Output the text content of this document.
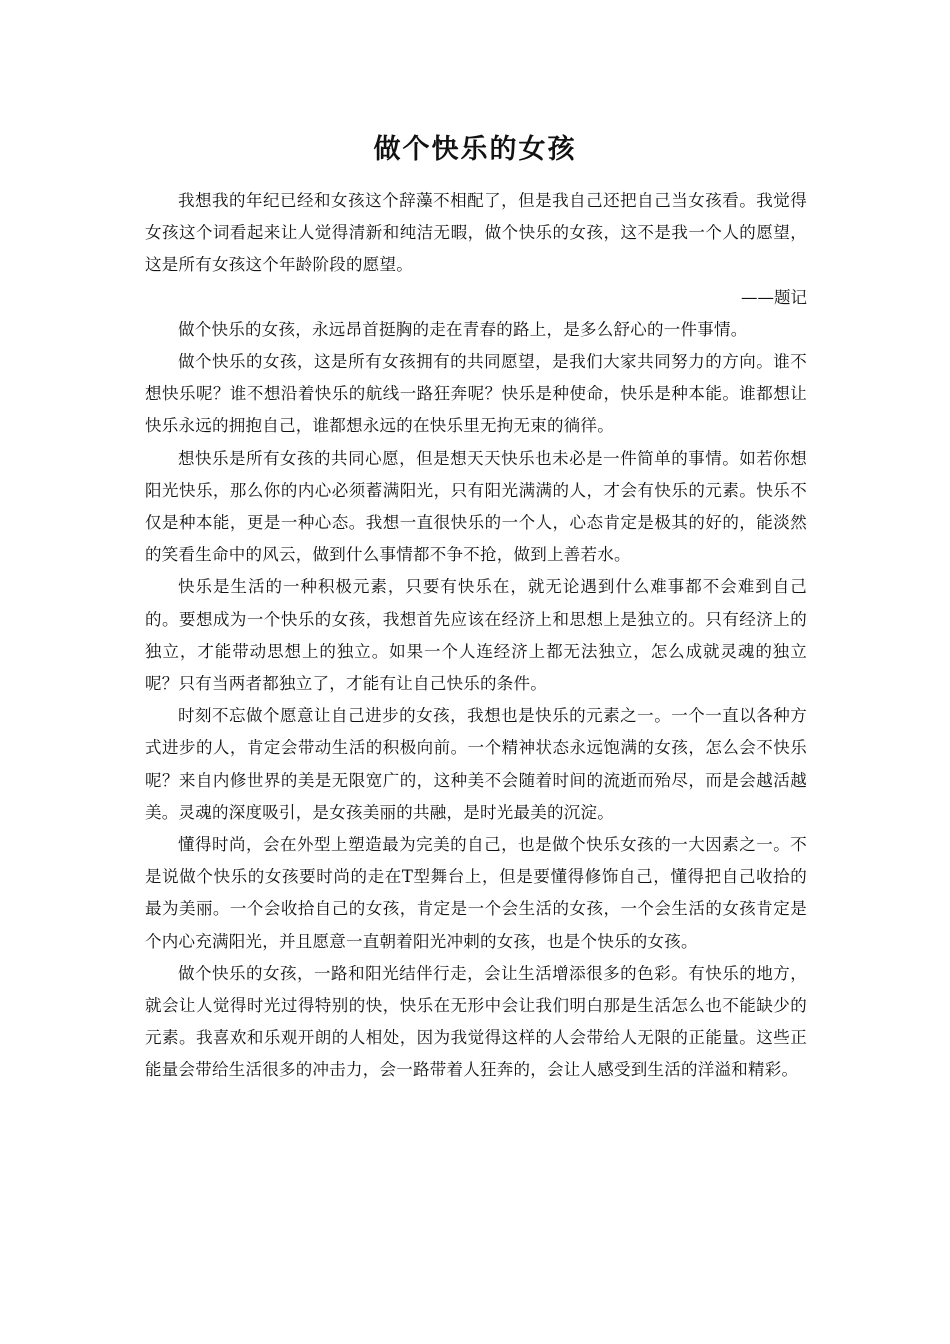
做个快乐的女孩

我想我的年纪已经和女孩这个辞藻不相配了，但是我自己还把自己当女孩看。我觉得女孩这个词看起来让人觉得清新和纯洁无暇，做个快乐的女孩，这不是我一个人的愿望，这是所有女孩这个年龄阶段的愿望。

——题记

做个快乐的女孩，永远昂首挺胸的走在青春的路上，是多么舒心的一件事情。

做个快乐的女孩，这是所有女孩拥有的共同愿望，是我们大家共同努力的方向。谁不想快乐呢？谁不想沿着快乐的航线一路狂奔呢？快乐是种使命，快乐是种本能。谁都想让快乐永远的拥抱自己，谁都想永远的在快乐里无拘无束的徜徉。

想快乐是所有女孩的共同心愿，但是想天天快乐也未必是一件简单的事情。如若你想阳光快乐，那么你的内心必须蓄满阳光，只有阳光满满的人，才会有快乐的元素。快乐不仅是种本能，更是一种心态。我想一直很快乐的一个人，心态肯定是极其的好的，能淡然的笑看生命中的风云，做到什么事情都不争不抢，做到上善若水。

快乐是生活的一种积极元素，只要有快乐在，就无论遇到什么难事都不会难到自己的。要想成为一个快乐的女孩，我想首先应该在经济上和思想上是独立的。只有经济上的独立，才能带动思想上的独立。如果一个人连经济上都无法独立，怎么成就灵魂的独立呢？只有当两者都独立了，才能有让自己快乐的条件。

时刻不忘做个愿意让自己进步的女孩，我想也是快乐的元素之一。一个一直以各种方式进步的人，肯定会带动生活的积极向前。一个精神状态永远饱满的女孩，怎么会不快乐呢？来自内修世界的美是无限宽广的，这种美不会随着时间的流逝而殆尽，而是会越活越美。灵魂的深度吸引，是女孩美丽的共融，是时光最美的沉淀。

懂得时尚，会在外型上塑造最为完美的自己，也是做个快乐女孩的一大因素之一。不是说做个快乐的女孩要时尚的走在T型舞台上，但是要懂得修饰自己，懂得把自己收拾的最为美丽。一个会收拾自己的女孩，肯定是一个会生活的女孩，一个会生活的女孩肯定是个内心充满阳光，并且愿意一直朝着阳光冲刺的女孩，也是个快乐的女孩。

做个快乐的女孩，一路和阳光结伴行走，会让生活增添很多的色彩。有快乐的地方，就会让人觉得时光过得特别的快，快乐在无形中会让我们明白那是生活怎么也不能缺少的元素。我喜欢和乐观开朗的人相处，因为我觉得这样的人会带给人无限的正能量。这些正能量会带给生活很多的冲击力，会一路带着人狂奔的，会让人感受到生活的洋溢和精彩。
